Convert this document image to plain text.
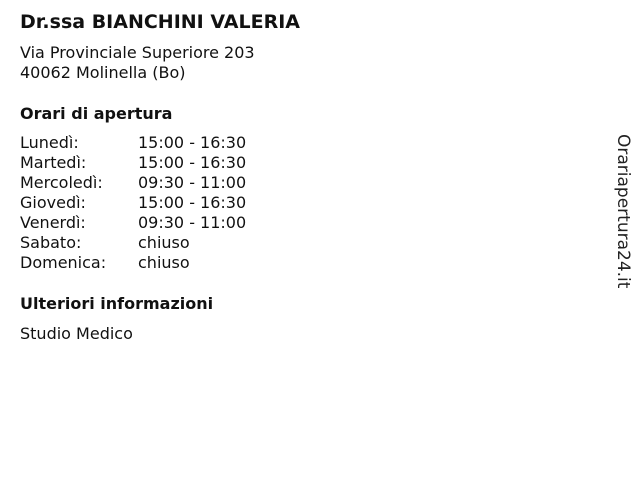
Dr.ssa BIANCHINI VALERIA
Via Provinciale Superiore 203
40062 Molinella (Bo)
Orari di apertura
Lunedì:	15:00 - 16:30
Martedì:	15:00 - 16:30
Mercoledì:	09:30 - 11:00
Giovedì:	15:00 - 16:30
Venerdì:	09:30 - 11:00
Sabato:	chiuso
Domenica:	chiuso
Ulteriori informazioni
Studio Medico
Orariapertura24.it
